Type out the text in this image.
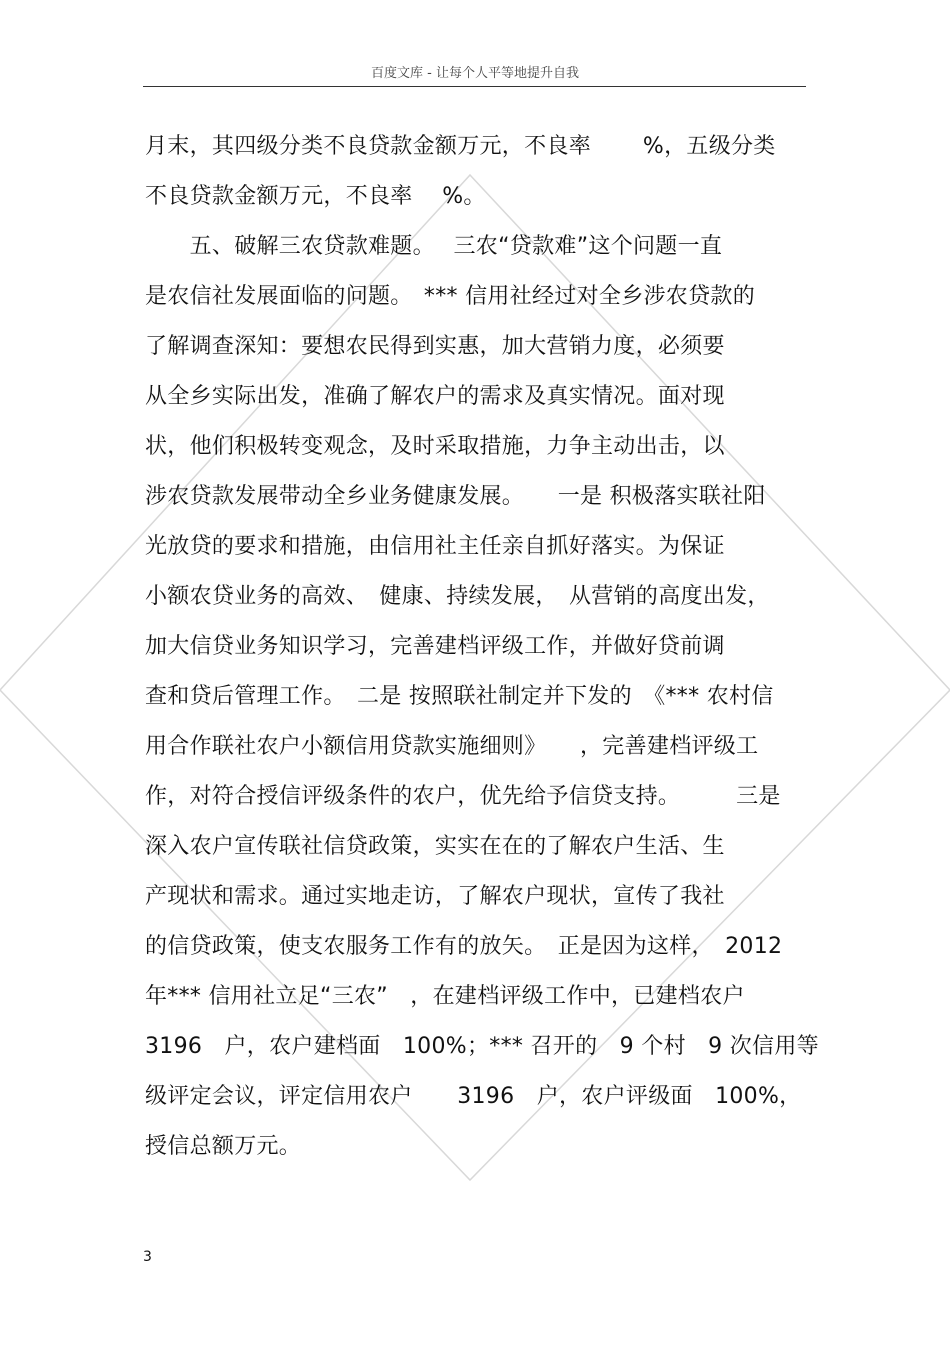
百度文库 - 让每个人平等地提升自我
月末，其四级分类不良贷款金额万元，不良率　　 %，五级分类
不良贷款金额万元，不良率　 %。
　　五、破解三农贷款难题。　 三农“贷款难”这个问题一直
是农信社发展面临的问题。　*** 信用社经过对全乡涉农贷款的
了解调查深知：要想农民得到实惠，加大营销力度，必须要
从全乡实际出发，准确了解农户的需求及真实情况。面对现
状，他们积极转变观念，及时采取措施，力争主动出击，以
涉农贷款发展带动全乡业务健康发展。　　一是 积极落实联社阳
光放贷的要求和措施，由信用社主任亲自抓好落实。为保证
小额农贷业务的高效、　健康、持续发展，　从营销的高度出发，
加大信贷业务知识学习，完善建档评级工作，并做好贷前调
查和贷后管理工作。　二是 按照联社制定并下发的　《*** 农村信
用合作联社农户小额信用贷款实施细则》　　，完善建档评级工
作，对符合授信评级条件的农户，优先给予信贷支持。　　　三是
深入农户宣传联社信贷政策，实实在在的了解农户生活、生
产现状和需求。通过实地走访，了解农户现状，宣传了我社
的信贷政策，使支农服务工作有的放矢。　正是因为这样，　2012
年*** 信用社立足“三农”　，在建档评级工作中，已建档农户
3196　户，农户建档面　100%；*** 召开的　9 个村　9 次信用等
级评定会议，评定信用农户　　3196　户，农户评级面　100%，
授信总额万元。
3
